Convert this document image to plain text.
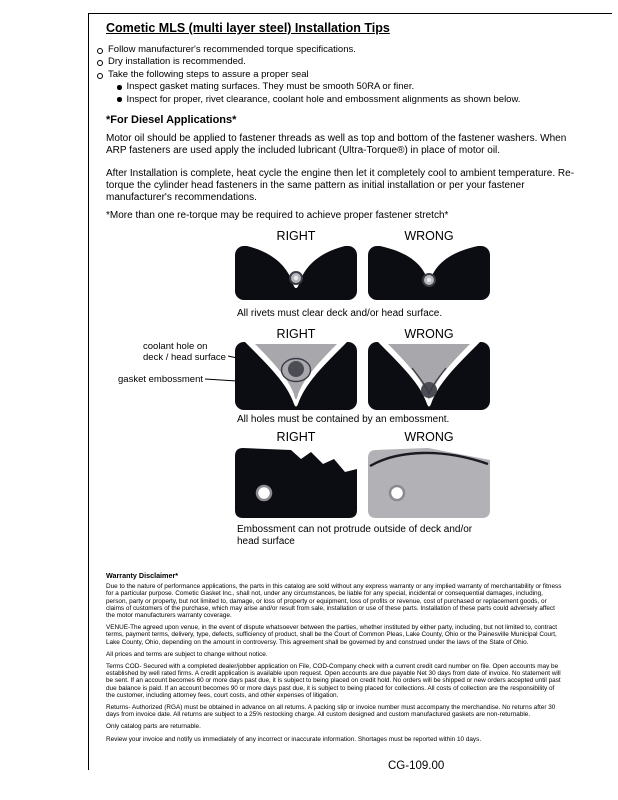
Cometic MLS (multi layer steel) Installation Tips
Follow manufacturer's recommended torque specifications.
Dry installation is recommended.
Take the following steps to assure a proper seal
Inspect gasket mating surfaces. They must be smooth 50RA or finer.
Inspect for proper, rivet clearance, coolant hole and embossment alignments as shown below.
*For Diesel Applications*
Motor oil should be applied to fastener threads as well as top and bottom of the fastener washers. When ARP fasteners are used apply the included lubricant (Ultra-Torque®) in place of motor oil.
After Installation is complete, heat cycle the engine then let it completely cool to ambient temperature. Re-torque the cylinder head fasteners in the same pattern as initial installation or per your fastener manufacturer's recommendations.
*More than one re-torque may be required to achieve proper fastener stretch*
RIGHT	WRONG
All rivets must clear deck and/or head surface.
RIGHT	WRONG
coolant hole on
deck / head surface
gasket embossment
All holes must be contained by an embossment.
RIGHT	WRONG
Embossment can not protrude outside of deck and/or head surface
Warranty Disclaimer*

Due to the nature of performance applications, the parts in this catalog are sold without any express warranty or any implied warranty of merchantability or fitness for a particular purpose. Cometic Gasket Inc., shall not, under any circumstances, be liable for any special, incidental or consequential damages, including, person, party or property, but not limited to, damage, or loss of property or equipment, loss of profits or revenue, cost of purchased or replacement goods, or claims of customers of the purchase, which may arise and/or result from sale, installation or use of these parts. Installation of these parts could adversely affect the motor manufacturers warranty coverage.

VENUE-The agreed upon venue, in the event of dispute whatsoever between the parties, whether instituted by either party, including, but not limited to, contract terms, payment terms, delivery, type, defects, sufficiency of product, shall be the Court of Common Pleas, Lake County, Ohio or the Painesville Municipal Court, Lake County, Ohio, depending on the amount in controversy. This agreement shall be governed by and construed under the laws of the State of Ohio.

All prices and terms are subject to change without notice.

Terms COD- Secured with a completed dealer/jobber application on File, COD-Company check with a current credit card number on file. Open accounts may be established by well rated firms. A credit application is available upon request. Open accounts are due payable Net 30 days from date of invoice. No statement will be sent. If an account becomes 60 or more days past due, it is subject to being placed on credit hold. No orders will be shipped or new orders accepted until past due balance is paid. If an account becomes 90 or more days past due, it is subject to being placed for collections. All costs of collection are the responsibility of the customer, including attorney fees, court costs, and other expenses of litigation.

Returns- Authorized (RGA) must be obtained in advance on all returns. A packing slip or invoice number must accompany the merchandise. No returns after 30 days from invoice date. All returns are subject to a 25% restocking charge. All custom designed and custom manufactured gaskets are non-returnable.

Only catalog parts are returnable.

Review your invoice and notify us immediately of any incorrect or inaccurate information. Shortages must be reported within 10 days.

CG-109.00
